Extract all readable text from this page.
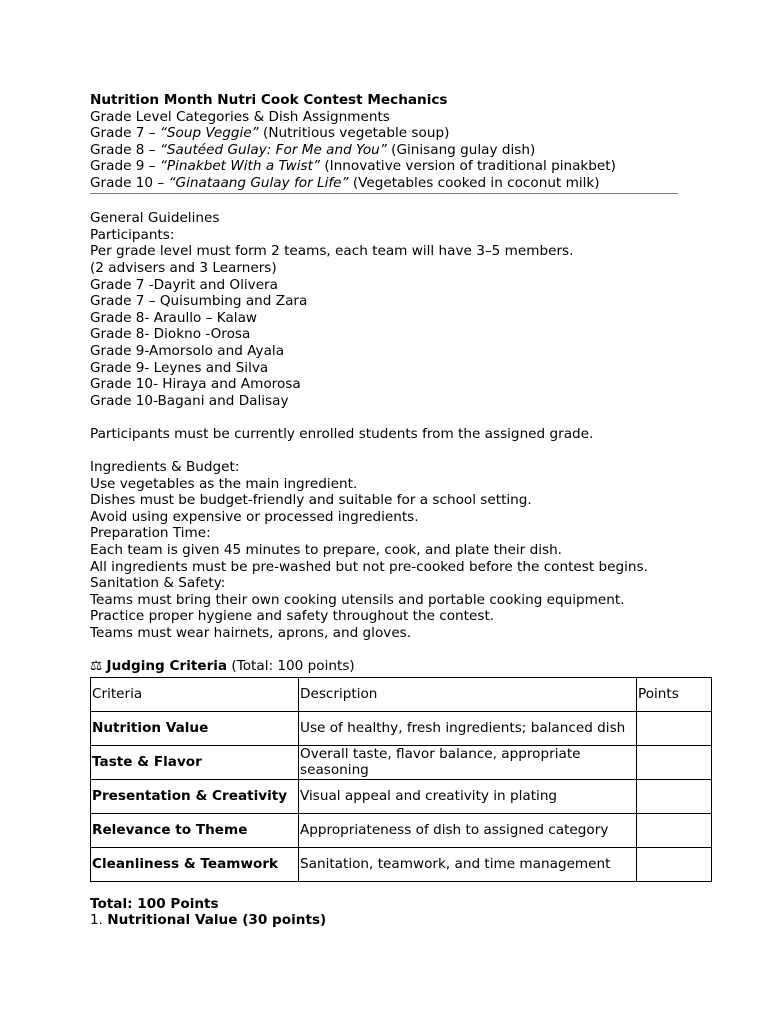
Nutrition Month Nutri Cook Contest Mechanics
Grade Level Categories & Dish Assignments
Grade 7 – “Soup Veggie” (Nutritious vegetable soup)
Grade 8 – “Sautéed Gulay: For Me and You” (Ginisang gulay dish)
Grade 9 – “Pinakbet With a Twist” (Innovative version of traditional pinakbet)
Grade 10 – “Ginataang Gulay for Life” (Vegetables cooked in coconut milk)
General Guidelines
Participants:
Per grade level must form 2 teams, each team will have 3–5 members.
(2 advisers and 3 Learners)
Grade 7 -Dayrit and Olivera
Grade 7 – Quisumbing and Zara
Grade 8- Araullo – Kalaw
Grade 8- Diokno -Orosa
Grade 9-Amorsolo and Ayala
Grade 9- Leynes and Silva
Grade 10- Hiraya and Amorosa
Grade 10-Bagani and Dalisay
Participants must be currently enrolled students from the assigned grade.
Ingredients & Budget:
Use vegetables as the main ingredient.
Dishes must be budget-friendly and suitable for a school setting.
Avoid using expensive or processed ingredients.
Preparation Time:
Each team is given 45 minutes to prepare, cook, and plate their dish.
All ingredients must be pre-washed but not pre-cooked before the contest begins.
Sanitation & Safety:
Teams must bring their own cooking utensils and portable cooking equipment.
Practice proper hygiene and safety throughout the contest.
Teams must wear hairnets, aprons, and gloves.
⚖ Judging Criteria (Total: 100 points)
Criteria	Description	Points
Nutrition Value	Use of healthy, fresh ingredients; balanced dish	
Taste & Flavor	Overall taste, flavor balance, appropriate seasoning	
Presentation & Creativity	Visual appeal and creativity in plating	
Relevance to Theme	Appropriateness of dish to assigned category	
Cleanliness & Teamwork	Sanitation, teamwork, and time management	
Total: 100 Points
1. Nutritional Value (30 points)
